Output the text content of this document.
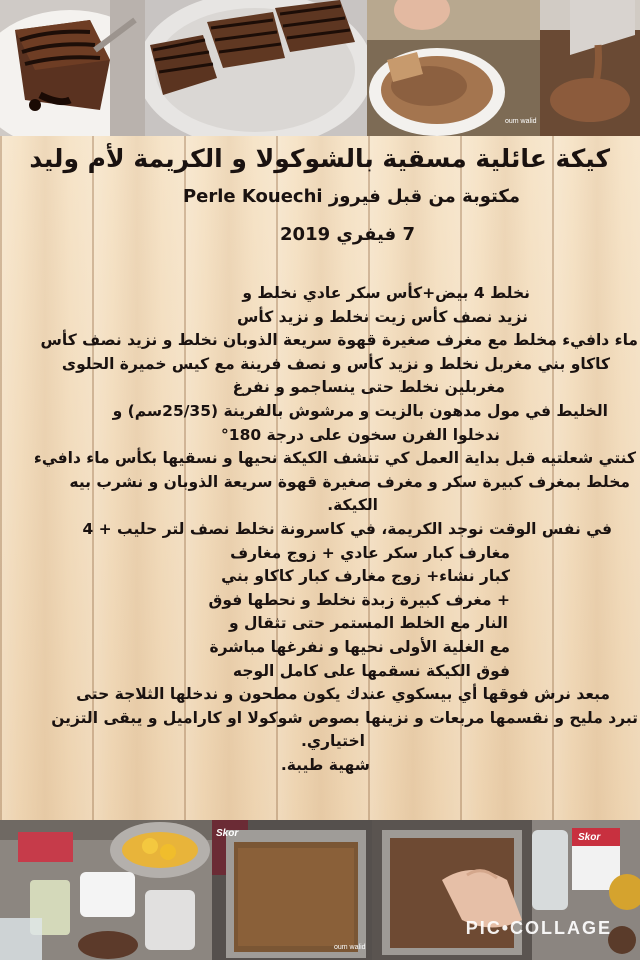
oum walid
كيكة عائلية مسقية بالشوكولا و الكريمة لأم وليد
مكتوبة من قبل فيروز Perle Kouechi
7 فيفري 2019
نخلط 4 بيض+كأس سكر عادي نخلط و
نزيد نصف كأس زيت نخلط و نزيد كأس
ماء دافيء مخلط مع مغرف صغيرة قهوة سريعة الذوبان نخلط و نزيد نصف كأس
كاكاو بني مغربل نخلط و نزيد كأس و نصف فرينة مع كيس خميرة الحلوى
مغربلين نخلط حتى ينساجمو و نفرغ
الخليط في مول مدهون بالزيت و مرشوش بالفرينة (25/35سم) و
ندخلوا الفرن سخون على درجة 180°
كنتي شعلتيه قبل بداية العمل كي تنشف الكيكة نحيها و نسقيها بكأس ماء دافيء
مخلط بمغرف كبيرة سكر و مغرف صغيرة قهوة سريعة الذوبان و نشرب بيه
الكيكة.
في نفس الوقت نوجد الكريمة، في كاسرونة نخلط نصف لتر حليب + 4
مغارف كبار سكر عادي + زوج مغارف
كبار نشاء+ زوج مغارف كبار كاكاو بني
+ مغرف كبيرة زبدة نخلط و نحطها فوق
النار مع الخلط المستمر حتى تثقال و
مع الغلية الأولى نحيها و نفرغها مباشرة
فوق الكيكة نسقمها على كامل الوجه
مبعد نرش فوقها أي بيسكوي عندك يكون مطحون و ندخلها الثلاجة حتى
تبرد مليح و نقسمها مربعات و نزينها بصوص شوكولا او كاراميل و يبقى التزين
اختياري.
شهية طيبة.
oum walid
Skor	Skor
PIC•COLLAGE
